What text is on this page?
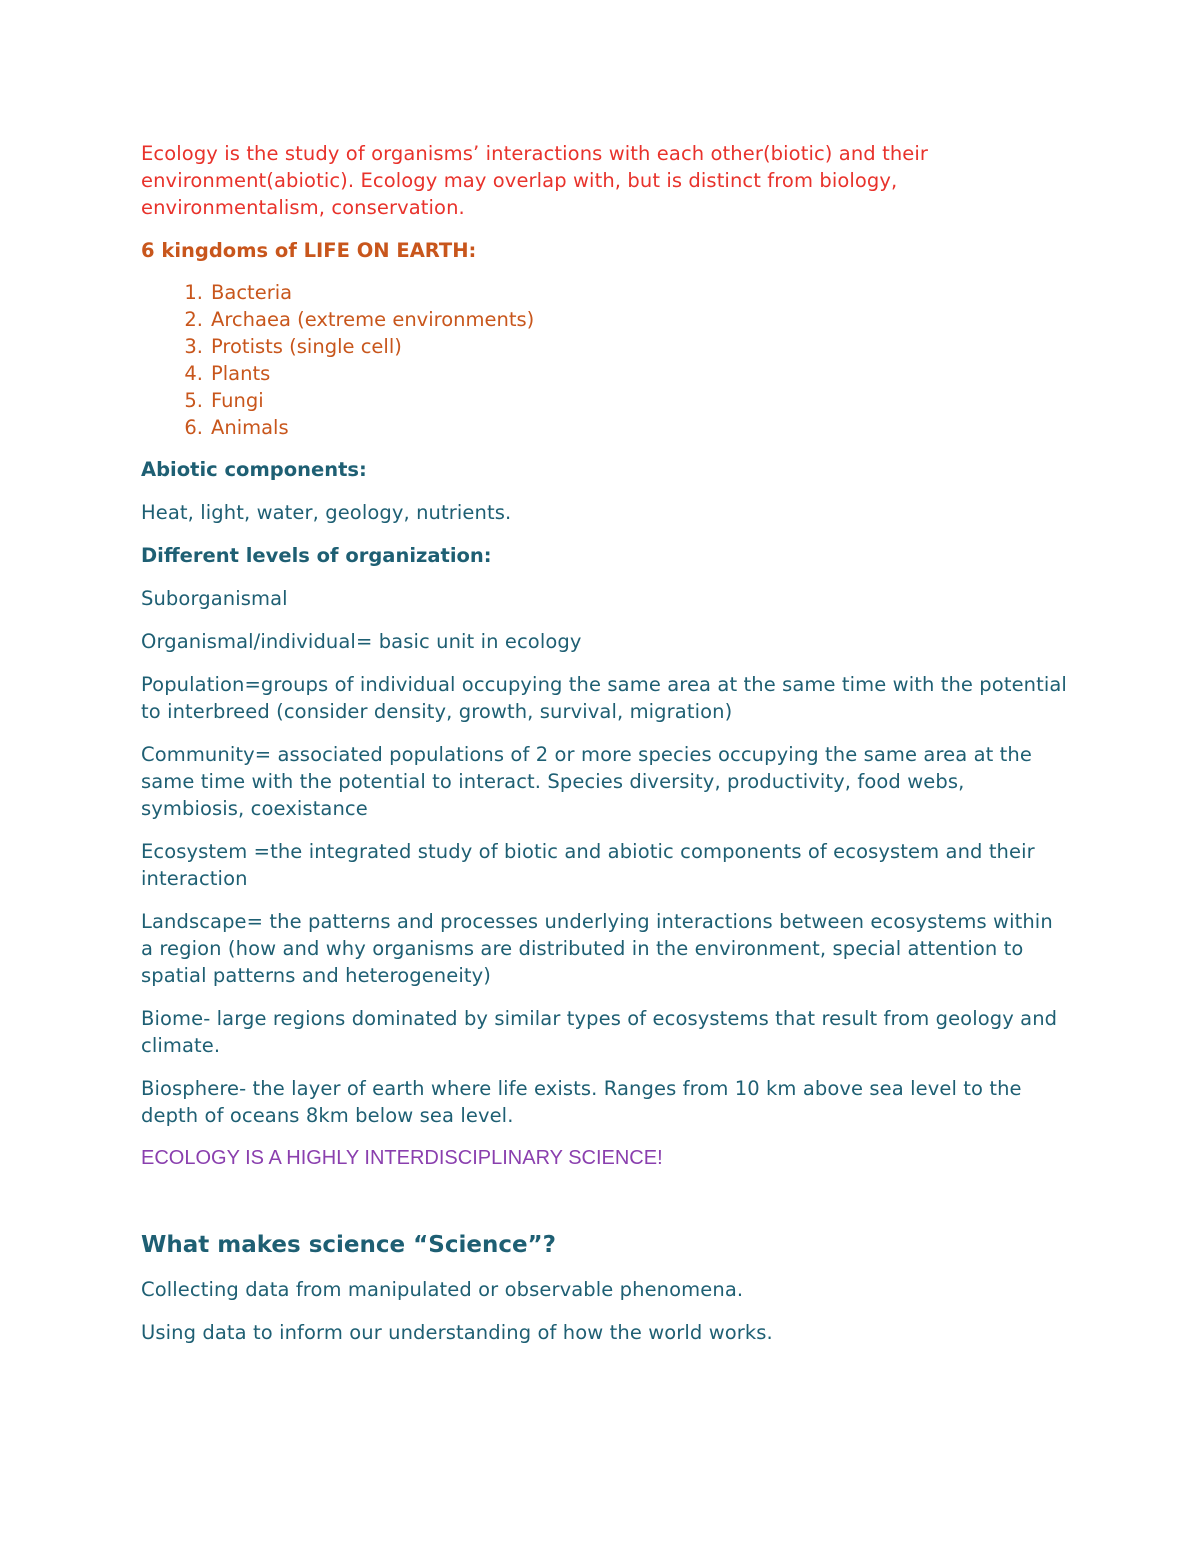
Ecology is the study of organisms’ interactions with each other(biotic) and their environment(abiotic). Ecology may overlap with, but is distinct from biology, environmentalism, conservation.

6 kingdoms of LIFE ON EARTH:
1. Bacteria
2. Archaea (extreme environments)
3. Protists (single cell)
4. Plants
5. Fungi
6. Animals
Abiotic components:

Heat, light, water, geology, nutrients.

Different levels of organization:

Suborganismal

Organismal/individual= basic unit in ecology

Population=groups of individual occupying the same area at the same time with the potential to interbreed (consider density, growth, survival, migration)

Community= associated populations of 2 or more species occupying the same area at the same time with the potential to interact. Species diversity, productivity, food webs, symbiosis, coexistance

Ecosystem =the integrated study of biotic and abiotic components of ecosystem and their interaction

Landscape= the patterns and processes underlying interactions between ecosystems within a region (how and why organisms are distributed in the environment, special attention to spatial patterns and heterogeneity)

Biome- large regions dominated by similar types of ecosystems that result from geology and climate.

Biosphere- the layer of earth where life exists. Ranges from 10 km above sea level to the depth of oceans 8km below sea level.

ECOLOGY IS A HIGHLY INTERDISCIPLINARY SCIENCE!

What makes science “Science”?

Collecting data from manipulated or observable phenomena.

Using data to inform our understanding of how the world works.
